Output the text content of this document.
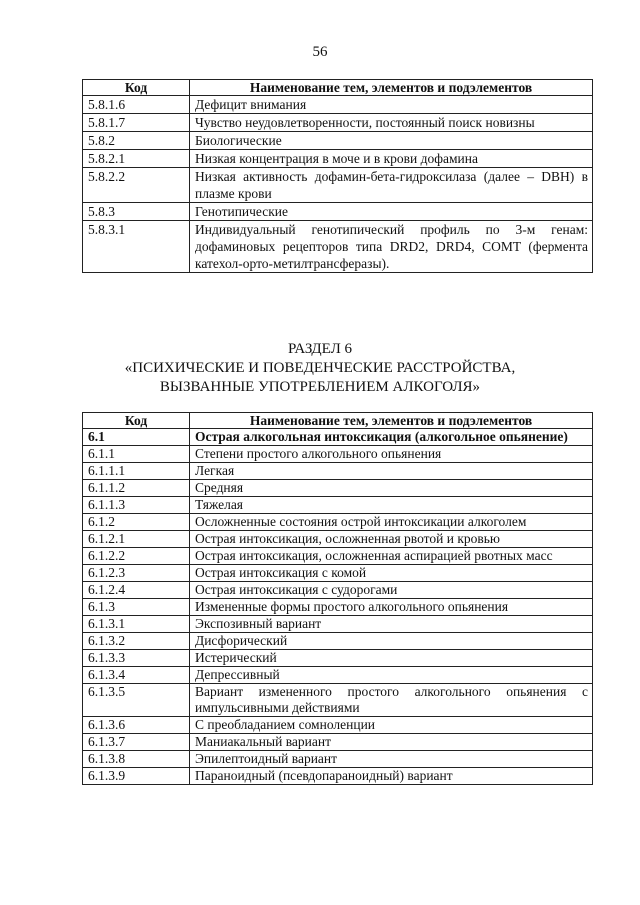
56
Код	Наименование тем, элементов и подэлементов
5.8.1.6	Дефицит внимания
5.8.1.7	Чувство неудовлетворенности, постоянный поиск новизны
5.8.2	Биологические
5.8.2.1	Низкая концентрация в моче и в крови дофамина
5.8.2.2	Низкая активность дофамин-бета-гидроксилаза (далее – DBH) в плазме крови
5.8.3	Генотипические
5.8.3.1	Индивидуальный генотипический профиль по 3-м генам: дофаминовых рецепторов типа DRD2, DRD4, COMT (фермента катехол-орто-метилтрансферазы).
РАЗДЕЛ 6
«ПСИХИЧЕСКИЕ И ПОВЕДЕНЧЕСКИЕ РАССТРОЙСТВА,
ВЫЗВАННЫЕ УПОТРЕБЛЕНИЕМ АЛКОГОЛЯ»
Код	Наименование тем, элементов и подэлементов
6.1	Острая алкогольная интоксикация (алкогольное опьянение)
6.1.1	Степени простого алкогольного опьянения
6.1.1.1	Легкая
6.1.1.2	Средняя
6.1.1.3	Тяжелая
6.1.2	Осложненные состояния острой интоксикации алкоголем
6.1.2.1	Острая интоксикация, осложненная рвотой и кровью
6.1.2.2	Острая интоксикация, осложненная аспирацией рвотных масс
6.1.2.3	Острая интоксикация с комой
6.1.2.4	Острая интоксикация с судорогами
6.1.3	Измененные формы простого алкогольного опьянения
6.1.3.1	Экспозивный вариант
6.1.3.2	Дисфорический
6.1.3.3	Истерический
6.1.3.4	Депрессивный
6.1.3.5	Вариант измененного простого алкогольного опьянения с импульсивными действиями
6.1.3.6	С преобладанием сомноленции
6.1.3.7	Маниакальный вариант
6.1.3.8	Эпилептоидный вариант
6.1.3.9	Параноидный (псевдопараноидный) вариант
